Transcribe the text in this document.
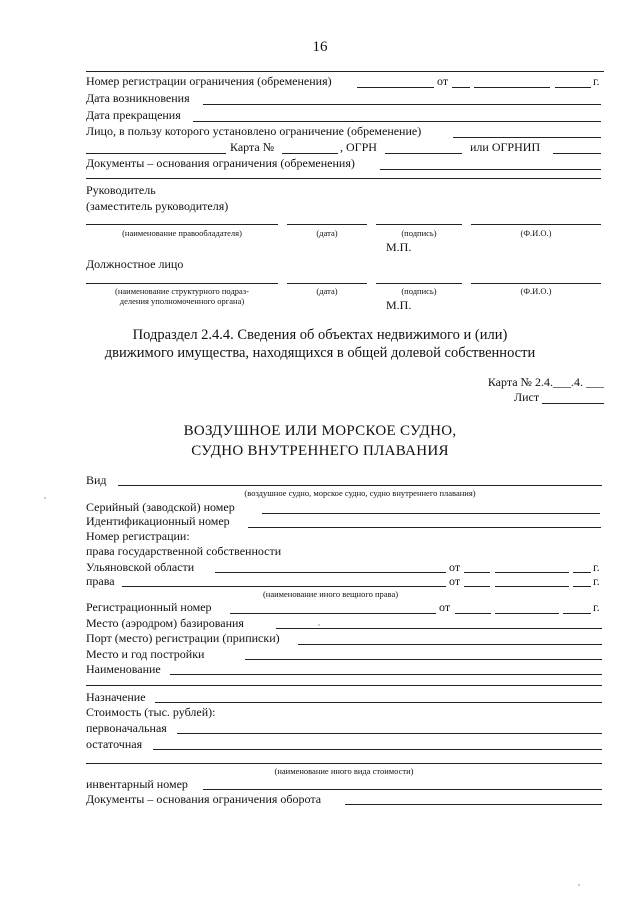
16
Номер регистрации ограничения (обременения)	от	г.
Дата возникновения
Дата прекращения
Лицо, в пользу которого установлено ограничение (обременение)
Карта №	, ОГРН	или ОГРНИП
Документы – основания ограничения (обременения)
Руководитель
(заместитель руководителя)
(наименование правообладателя)	(дата)	(подпись)	(Ф.И.О.)
М.П.
Должностное лицо
(наименование структурного подраз-
деления уполномоченного органа)
(дата)	(подпись)	(Ф.И.О.)
М.П.
Подраздел 2.4.4. Сведения об объектах недвижимого и (или)
движимого имущества, находящихся в общей долевой собственности
Карта № 2.4.___.4. ___
Лист
ВОЗДУШНОЕ ИЛИ МОРСКОЕ СУДНО,
СУДНО ВНУТРЕННЕГО ПЛАВАНИЯ
Вид
(воздушное судно, морское судно, судно внутреннего плавания)
Серийный (заводской) номер
Идентификационный номер
Номер регистрации:
права государственной собственности
Ульяновской области	от	г.
права	от	г.
(наименование иного вещного права)
Регистрационный номер	от	г.
Место (аэродром) базирования
Порт (место) регистрации (приписки)
Место и год постройки
Наименование
Назначение
Стоимость (тыс. рублей):
первоначальная
остаточная
(наименование иного вида стоимости)
инвентарный номер
Документы – основания ограничения оборота
